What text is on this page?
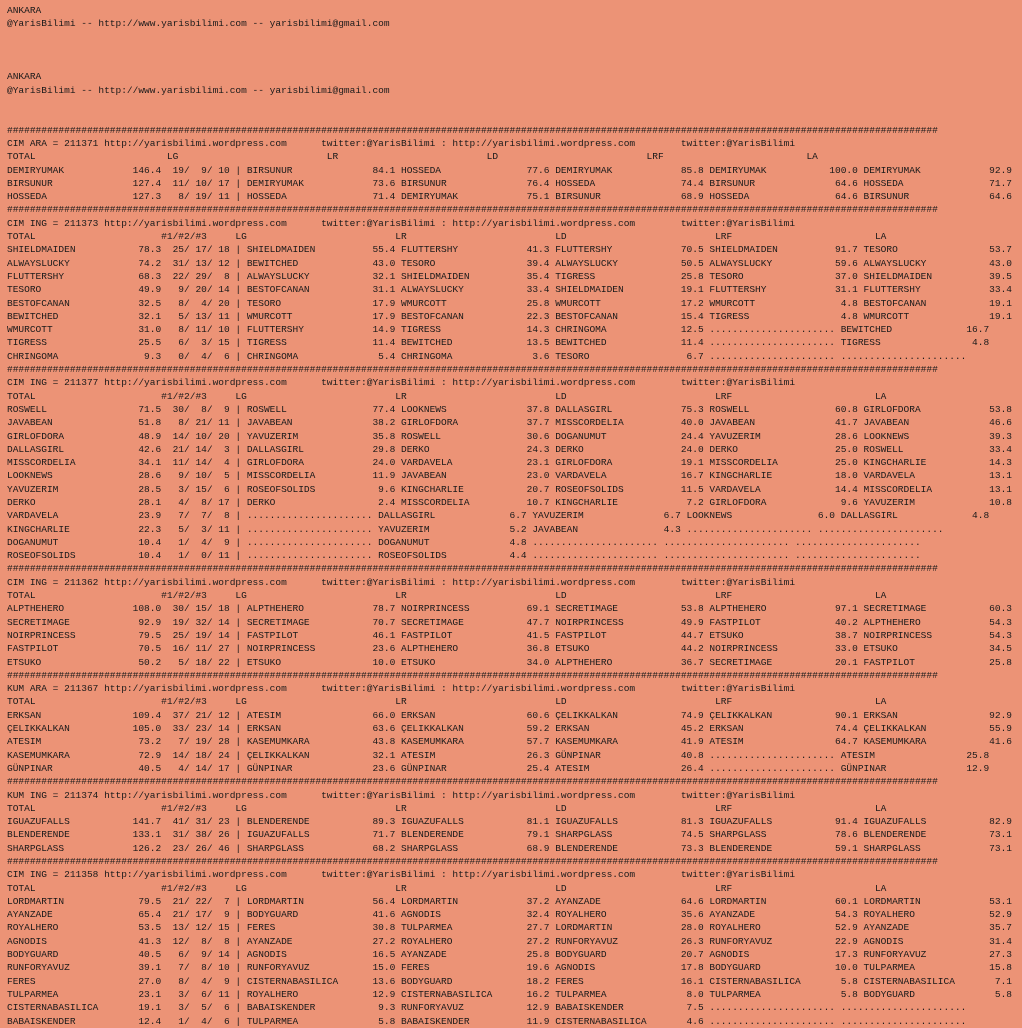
ANKARA
@YarisBilimi -- http://www.yarisbilimi.com -- yarisbilimi@gmail.com

ANKARA
@YarisBilimi -- http://www.yarisbilimi.com -- yarisbilimi@gmail.com

###################################################################################################################################################################
CIM ARA = 211371 http://yarisbilimi.wordpress.com      twitter:@YarisBilimi : http://yarisbilimi.wordpress.com        twitter:@YarisBilimi
TOTAL                       LG                          LR                          LD                          LRF                         LA
DEMIRYUMAK            146.4  19/  9/ 10 | BIRSUNUR              84.1 HOSSEDA               77.6 DEMIRYUMAK            85.8 DEMIRYUMAK           100.0 DEMIRYUMAK            92.9
BIRSUNUR              127.4  11/ 10/ 17 | DEMIRYUMAK            73.6 BIRSUNUR              76.4 HOSSEDA               74.4 BIRSUNUR              64.6 HOSSEDA               71.7
HOSSEDA               127.3   8/ 19/ 11 | HOSSEDA               71.4 DEMIRYUMAK            75.1 BIRSUNUR              68.9 HOSSEDA               64.6 BIRSUNUR              64.6
###################################################################################################################################################################
CIM ING = 211373 http://yarisbilimi.wordpress.com      twitter:@YarisBilimi : http://yarisbilimi.wordpress.com        twitter:@YarisBilimi
TOTAL                      #1/#2/#3     LG                          LR                          LD                          LRF                         LA
SHIELDMAIDEN           78.3  25/ 17/ 18 | SHIELDMAIDEN          55.4 FLUTTERSHY            41.3 FLUTTERSHY            70.5 SHIELDMAIDEN          91.7 TESORO                53.7
ALWAYSLUCKY            74.2  31/ 13/ 12 | BEWITCHED             43.0 TESORO                39.4 ALWAYSLUCKY           50.5 ALWAYSLUCKY           59.6 ALWAYSLUCKY           43.0
FLUTTERSHY             68.3  22/ 29/  8 | ALWAYSLUCKY           32.1 SHIELDMAIDEN          35.4 TIGRESS               25.8 TESORO                37.0 SHIELDMAIDEN          39.5
TESORO                 49.9   9/ 20/ 14 | BESTOFCANAN           31.1 ALWAYSLUCKY           33.4 SHIELDMAIDEN          19.1 FLUTTERSHY            31.1 FLUTTERSHY            33.4
BESTOFCANAN            32.5   8/  4/ 20 | TESORO                17.9 WMURCOTT              25.8 WMURCOTT              17.2 WMURCOTT               4.8 BESTOFCANAN           19.1
BEWITCHED              32.1   5/ 13/ 11 | WMURCOTT              17.9 BESTOFCANAN           22.3 BESTOFCANAN           15.4 TIGRESS                4.8 WMURCOTT              19.1
WMURCOTT               31.0   8/ 11/ 10 | FLUTTERSHY            14.9 TIGRESS               14.3 CHRINGOMA             12.5 ...................... BEWITCHED             16.7
TIGRESS                25.5   6/  3/ 15 | TIGRESS               11.4 BEWITCHED             13.5 BEWITCHED             11.4 ...................... TIGRESS                4.8
CHRINGOMA               9.3   0/  4/  6 | CHRINGOMA              5.4 CHRINGOMA              3.6 TESORO                 6.7 ...................... ......................
###################################################################################################################################################################
CIM ING = 211377 http://yarisbilimi.wordpress.com      twitter:@YarisBilimi : http://yarisbilimi.wordpress.com        twitter:@YarisBilimi
TOTAL                      #1/#2/#3     LG                          LR                          LD                          LRF                         LA
ROSWELL                71.5  30/  8/  9 | ROSWELL               77.4 LOOKNEWS              37.8 DALLASGIRL            75.3 ROSWELL               60.8 GIRLOFDORA            53.8
JAVABEAN               51.8   8/ 21/ 11 | JAVABEAN              38.2 GIRLOFDORA            37.7 MISSCORDELIA          40.0 JAVABEAN              41.7 JAVABEAN              46.6
GIRLOFDORA             48.9  14/ 10/ 20 | YAVUZERIM             35.8 ROSWELL               30.6 DOGANUMUT             24.4 YAVUZERIM             28.6 LOOKNEWS              39.3
DALLASGIRL             42.6  21/ 14/  3 | DALLASGIRL            29.8 DERKO                 24.3 DERKO                 24.0 DERKO                 25.0 ROSWELL               33.4
MISSCORDELIA           34.1  11/ 14/  4 | GIRLOFDORA            24.0 VARDAVELA             23.1 GIRLOFDORA            19.1 MISSCORDELIA          25.0 KINGCHARLIE           14.3
LOOKNEWS               28.6   9/ 10/  5 | MISSCORDELIA          11.9 JAVABEAN              23.0 VARDAVELA             16.7 KINGCHARLIE           18.0 VARDAVELA             13.1
YAVUZERIM              28.5   3/ 15/  6 | ROSEOFSOLIDS           9.6 KINGCHARLIE           20.7 ROSEOFSOLIDS          11.5 VARDAVELA             14.4 MISSCORDELIA          13.1
DERKO                  28.1   4/  8/ 17 | DERKO                  2.4 MISSCORDELIA          10.7 KINGCHARLIE            7.2 GIRLOFDORA             9.6 YAVUZERIM             10.8
VARDAVELA              23.9   7/  7/  8 | ...................... DALLASGIRL             6.7 YAVUZERIM              6.7 LOOKNEWS               6.0 DALLASGIRL             4.8
KINGCHARLIE            22.3   5/  3/ 11 | ...................... YAVUZERIM              5.2 JAVABEAN               4.3 ...................... ......................
DOGANUMUT              10.4   1/  4/  9 | ...................... DOGANUMUT              4.8 ...................... ...................... ......................
ROSEOFSOLIDS           10.4   1/  0/ 11 | ...................... ROSEOFSOLIDS           4.4 ...................... ...................... ......................
###################################################################################################################################################################
CIM ING = 211362 http://yarisbilimi.wordpress.com      twitter:@YarisBilimi : http://yarisbilimi.wordpress.com        twitter:@YarisBilimi
TOTAL                      #1/#2/#3     LG                          LR                          LD                          LRF                         LA
ALPTHEHERO            108.0  30/ 15/ 18 | ALPTHEHERO            78.7 NOIRPRINCESS          69.1 SECRETIMAGE           53.8 ALPTHEHERO            97.1 SECRETIMAGE           60.3
SECRETIMAGE            92.9  19/ 32/ 14 | SECRETIMAGE           70.7 SECRETIMAGE           47.7 NOIRPRINCESS          49.9 FASTPILOT             40.2 ALPTHEHERO            54.3
NOIRPRINCESS           79.5  25/ 19/ 14 | FASTPILOT             46.1 FASTPILOT             41.5 FASTPILOT             44.7 ETSUKO                38.7 NOIRPRINCESS          54.3
FASTPILOT              70.5  16/ 11/ 27 | NOIRPRINCESS          23.6 ALPTHEHERO            36.8 ETSUKO                44.2 NOIRPRINCESS          33.0 ETSUKO                34.5
ETSUKO                 50.2   5/ 18/ 22 | ETSUKO                10.0 ETSUKO                34.0 ALPTHEHERO            36.7 SECRETIMAGE           20.1 FASTPILOT             25.8
###################################################################################################################################################################
KUM ARA = 211367 http://yarisbilimi.wordpress.com      twitter:@YarisBilimi : http://yarisbilimi.wordpress.com        twitter:@YarisBilimi
TOTAL                      #1/#2/#3     LG                          LR                          LD                          LRF                         LA
ERKSAN                109.4  37/ 21/ 12 | ATESIM                66.0 ERKSAN                60.6 ÇELIKKALKAN           74.9 ÇELIKKALKAN           90.1 ERKSAN                92.9
ÇELIKKALKAN           105.0  33/ 23/ 14 | ERKSAN                63.6 ÇELIKKALKAN           59.2 ERKSAN                45.2 ERKSAN                74.4 ÇELIKKALKAN           55.9
ATESIM                 73.2   7/ 19/ 28 | KASEMUMKARA           43.8 KASEMUMKARA           57.7 KASEMUMKARA           41.9 ATESIM                64.7 KASEMUMKARA           41.6
KASEMUMKARA            72.9  14/ 18/ 24 | ÇELIKKALKAN           32.1 ATESIM                26.3 GÜNPINAR              40.8 ...................... ATESIM                25.8
GÜNPINAR               40.5   4/ 14/ 17 | GÜNPINAR              23.6 GÜNPINAR              25.4 ATESIM                26.4 ...................... GÜNPINAR              12.9
###################################################################################################################################################################
KUM ING = 211374 http://yarisbilimi.wordpress.com      twitter:@YarisBilimi : http://yarisbilimi.wordpress.com        twitter:@YarisBilimi
TOTAL                      #1/#2/#3     LG                          LR                          LD                          LRF                         LA
IGUAZUFALLS           141.7  41/ 31/ 23 | BLENDERENDE           89.3 IGUAZUFALLS           81.1 IGUAZUFALLS           81.3 IGUAZUFALLS           91.4 IGUAZUFALLS           82.9
BLENDERENDE           133.1  31/ 38/ 26 | IGUAZUFALLS           71.7 BLENDERENDE           79.1 SHARPGLASS            74.5 SHARPGLASS            78.6 BLENDERENDE           73.1
SHARPGLASS            126.2  23/ 26/ 46 | SHARPGLASS            68.2 SHARPGLASS            68.9 BLENDERENDE           73.3 BLENDERENDE           59.1 SHARPGLASS            73.1
###################################################################################################################################################################
CIM ING = 211358 http://yarisbilimi.wordpress.com      twitter:@YarisBilimi : http://yarisbilimi.wordpress.com        twitter:@YarisBilimi
TOTAL                      #1/#2/#3     LG                          LR                          LD                          LRF                         LA
LORDMARTIN             79.5  21/ 22/  7 | LORDMARTIN            56.4 LORDMARTIN            37.2 AYANZADE              64.6 LORDMARTIN            60.1 LORDMARTIN            53.1
AYANZADE               65.4  21/ 17/  9 | BODYGUARD             41.6 AGNODIS               32.4 ROYALHERO             35.6 AYANZADE              54.3 ROYALHERO             52.9
ROYALHERO              53.5  13/ 12/ 15 | FERES                 30.8 TULPARMEA             27.7 LORDMARTIN            28.0 ROYALHERO             52.9 AYANZADE              35.7
AGNODIS                41.3  12/  8/  8 | AYANZADE              27.2 ROYALHERO             27.2 RUNFORYAVUZ           26.3 RUNFORYAVUZ           22.9 AGNODIS               31.4
BODYGUARD              40.5   6/  9/ 14 | AGNODIS               16.5 AYANZADE              25.8 BODYGUARD             20.7 AGNODIS               17.3 RUNFORYAVUZ           27.3
RUNFORYAVUZ            39.1   7/  8/ 10 | RUNFORYAVUZ           15.0 FERES                 19.6 AGNODIS               17.8 BODYGUARD             10.0 TULPARMEA             15.8
FERES                  27.0   8/  4/  9 | CISTERNABASILICA      13.6 BODYGUARD             18.2 FERES                 16.1 CISTERNABASILICA       5.8 CISTERNABASILICA       7.1
TULPARMEA              23.1   3/  6/ 11 | ROYALHERO             12.9 CISTERNABASILICA      16.2 TULPARMEA              8.0 TULPARMEA              5.8 BODYGUARD              5.8
CISTERNABASILICA       19.1   3/  5/  6 | BABAISKENDER           9.3 RUNFORYAVUZ           12.9 BABAISKENDER           7.5 ...................... ......................
BABAISKENDER           12.4   1/  4/  6 | TULPARMEA              5.8 BABAISKENDER          11.9 CISTERNABASILICA       4.6 ...................... ......................
